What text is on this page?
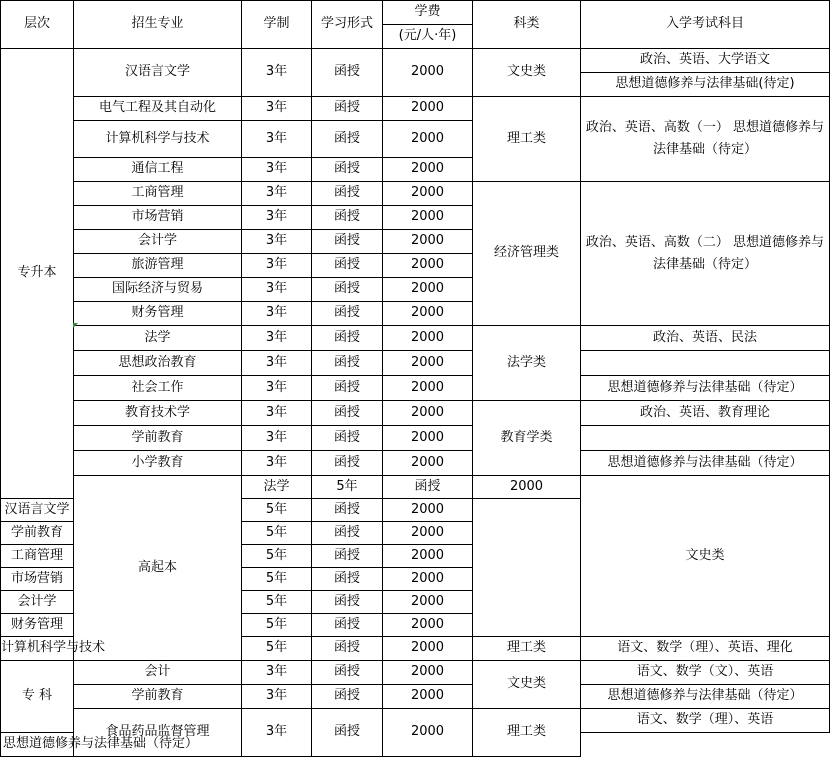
层次	招生专业	学制	学习形式	学费	科类	入学考试科目	
				(元/人·年)			
专升本	汉语言文学	3年	函授	2000	文史类	政治、英语、大学语文	
						思想道德修养与法律基础(待定)	
	电气工程及其自动化	3年	函授	2000	理工类	政治、英语、高数（一） 思想道德修养与法律基础（待定）	
	计算机科学与技术	3年	函授	2000			
	通信工程	3年	函授	2000			
	工商管理	3年	函授	2000	经济管理类	政治、英语、高数（二） 思想道德修养与法律基础（待定）	
	市场营销	3年	函授	2000			
	会计学	3年	函授	2000			
	旅游管理	3年	函授	2000			
	国际经济与贸易	3年	函授	2000			
	财务管理	3年	函授	2000			
	法学	3年	函授	2000	法学类	政治、英语、民法	
	思想政治教育	3年	函授	2000			
	社会工作	3年	函授	2000		思想道德修养与法律基础（待定）	
	教育技术学	3年	函授	2000	教育学类	政治、英语、教育理论	
	学前教育	3年	函授	2000			
	小学教育	3年	函授	2000		思想道德修养与法律基础（待定）	
	高起本	法学	5年	函授	2000	文史类	
汉语言文学		5年	函授	2000			
学前教育		5年	函授	2000			
工商管理		5年	函授	2000			
市场营销		5年	函授	2000			
会计学		5年	函授	2000			
财务管理		5年	函授	2000			
计算机科学与技术		5年	函授	2000	理工类	语文、数学（理）、英语、理化	
专 科	会计	3年	函授	2000	文史类	语文、数学（文）、英语	

	学前教育	3年	函授	2000		思想道德修养与法律基础（待定）	

	食品药品监督管理	3年	函授	2000	理工类	语文、数学（理）、英语	
思想道德修养与法律基础（待定）							
